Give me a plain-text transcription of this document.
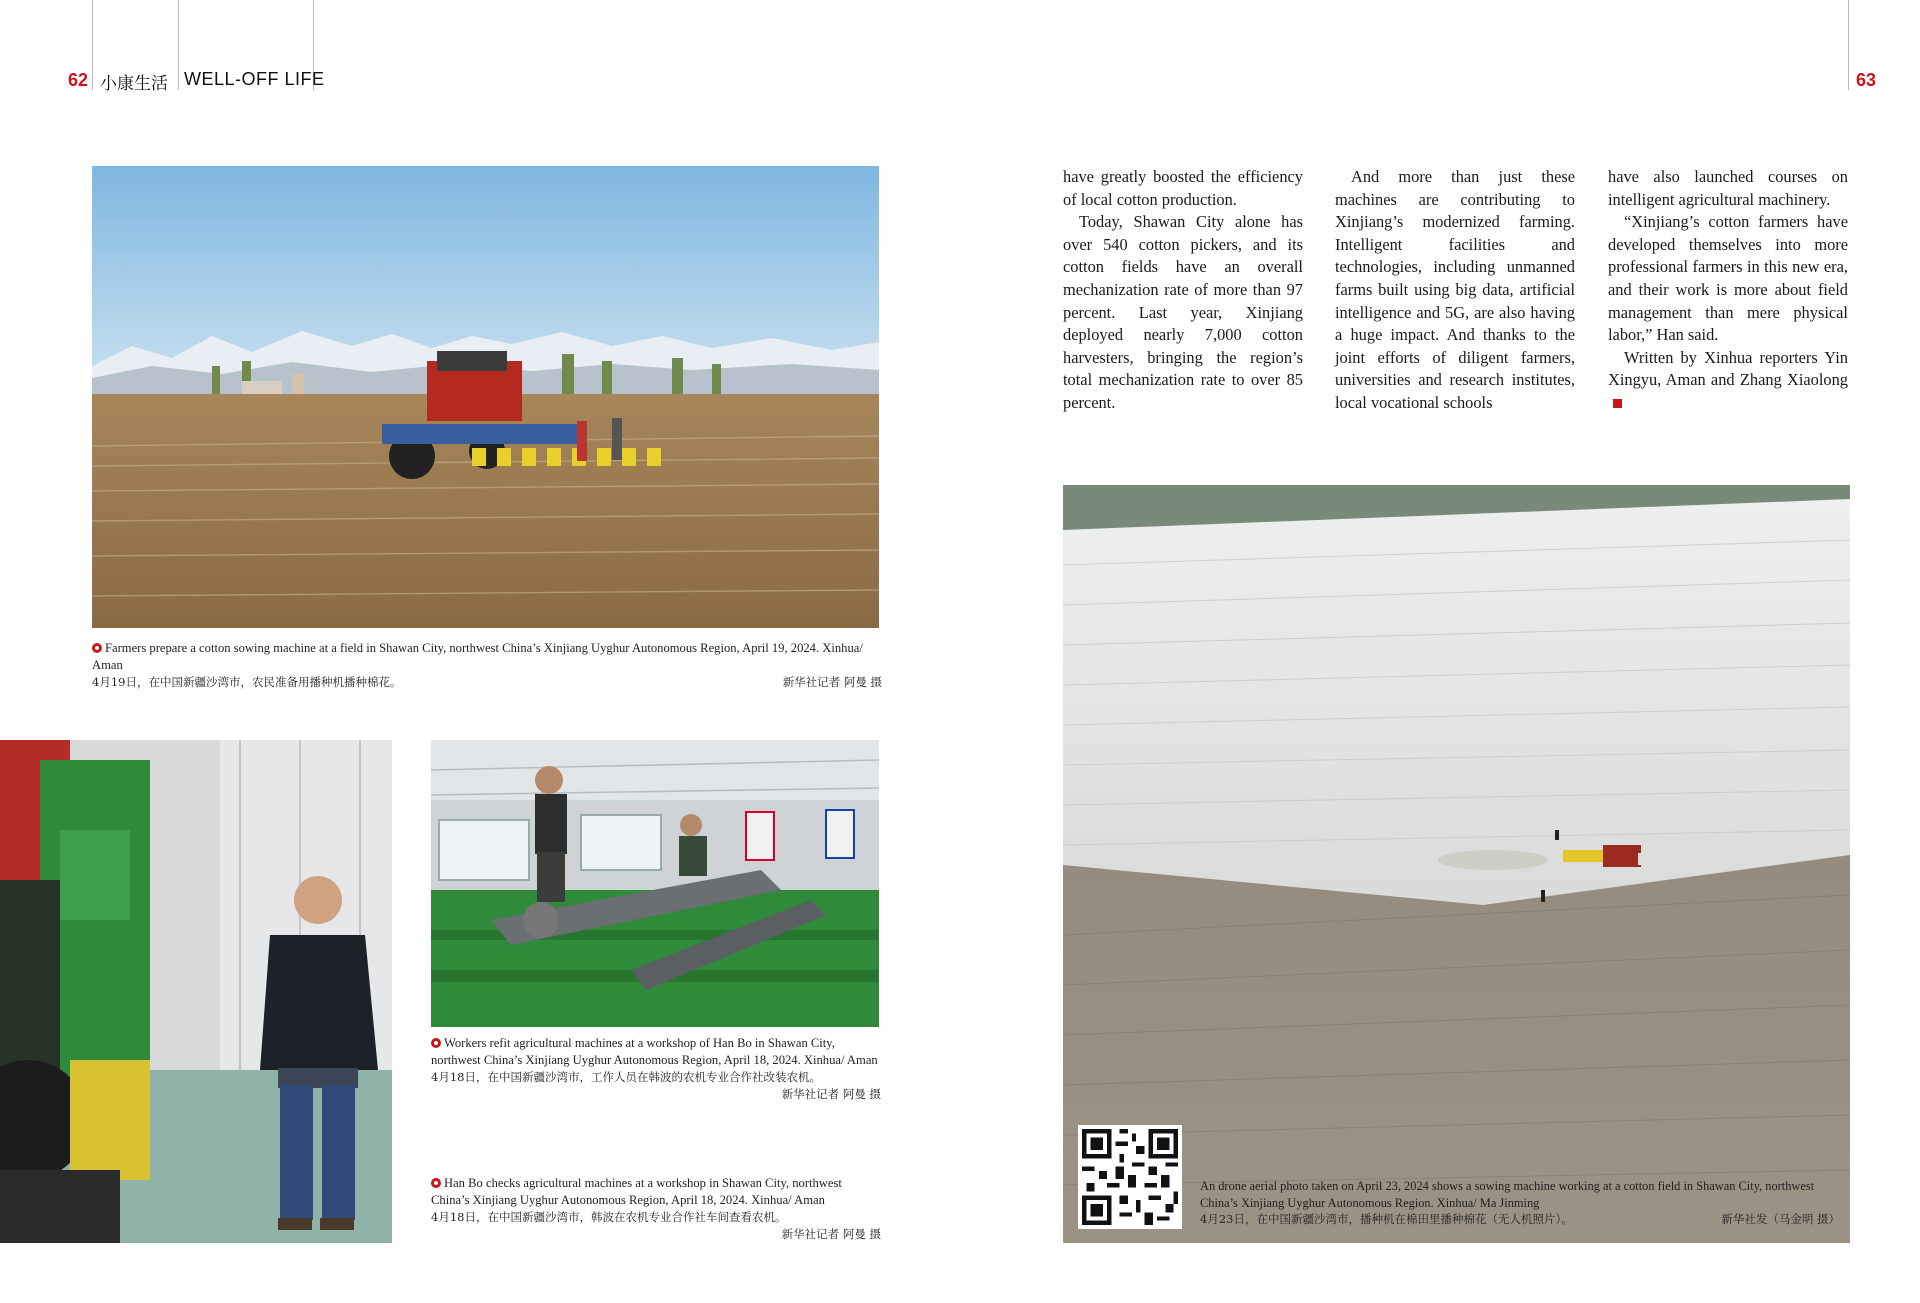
62 小康生活 WELL-OFF LIFE	63
Farmers prepare a cotton sowing machine at a field in Shawan City, northwest China’s Xinjiang Uyghur Autonomous Region, April 19, 2024. Xinhua/ Aman
4月19日，在中国新疆沙湾市，农民准备用播种机播种棉花。	新华社记者 阿曼 摄
Workers refit agricultural machines at a workshop of Han Bo in Shawan City, northwest China’s Xinjiang Uyghur Autonomous Region, April 18, 2024. Xinhua/ Aman
4月18日，在中国新疆沙湾市，工作人员在韩波的农机专业合作社改装农机。
新华社记者 阿曼 摄
Han Bo checks agricultural machines at a workshop in Shawan City, northwest China’s Xinjiang Uyghur Autonomous Region, April 18, 2024. Xinhua/ Aman
4月18日，在中国新疆沙湾市，韩波在农机专业合作社车间查看农机。
新华社记者 阿曼 摄

have greatly boosted the efficiency of local cotton production.

Today, Shawan City alone has over 540 cotton pickers, and its cotton fields have an overall mechanization rate of more than 97 percent. Last year, Xinjiang deployed nearly 7,000 cotton harvesters, bringing the region’s total mechanization rate to over 85 percent.

And more than just these machines are contributing to Xinjiang’s modernized farming. Intelligent facilities and technologies, including unmanned farms built using big data, artificial intelligence and 5G, are also having a huge impact. And thanks to the joint efforts of diligent farmers, universities and research institutes, local vocational schools

have also launched courses on intelligent agricultural machinery.

“Xinjiang’s cotton farmers have developed themselves into more professional farmers in this new era, and their work is more about field management than mere physical labor,” Han said.

Written by Xinhua reporters Yin Xingyu, Aman and Zhang Xiaolong

An drone aerial photo taken on April 23, 2024 shows a sowing machine working at a cotton field in Shawan City, northwest China’s Xinjiang Uyghur Autonomous Region. Xinhua/ Ma Jinming
4月23日，在中国新疆沙湾市，播种机在棉田里播种棉花（无人机照片）。	新华社发（马金明 摄）
